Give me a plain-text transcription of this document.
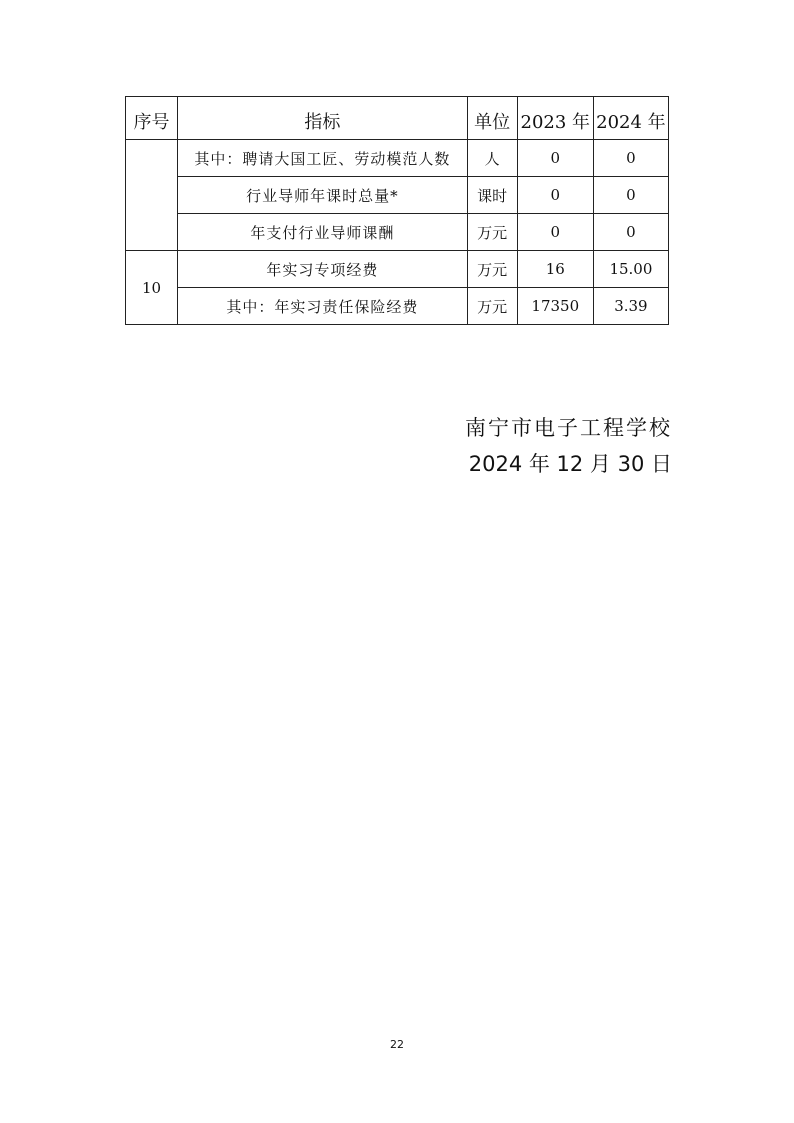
序号	指标	单位	2023 年	2024 年
	其中：聘请大国工匠、劳动模范人数	人	0	0
	行业导师年课时总量*	课时	0	0
	年支付行业导师课酬	万元	0	0
10	年实习专项经费	万元	16	15.00
	其中：年实习责任保险经费	万元	17350	3.39
南宁市电子工程学校
2024 年 12 月 30 日
22
